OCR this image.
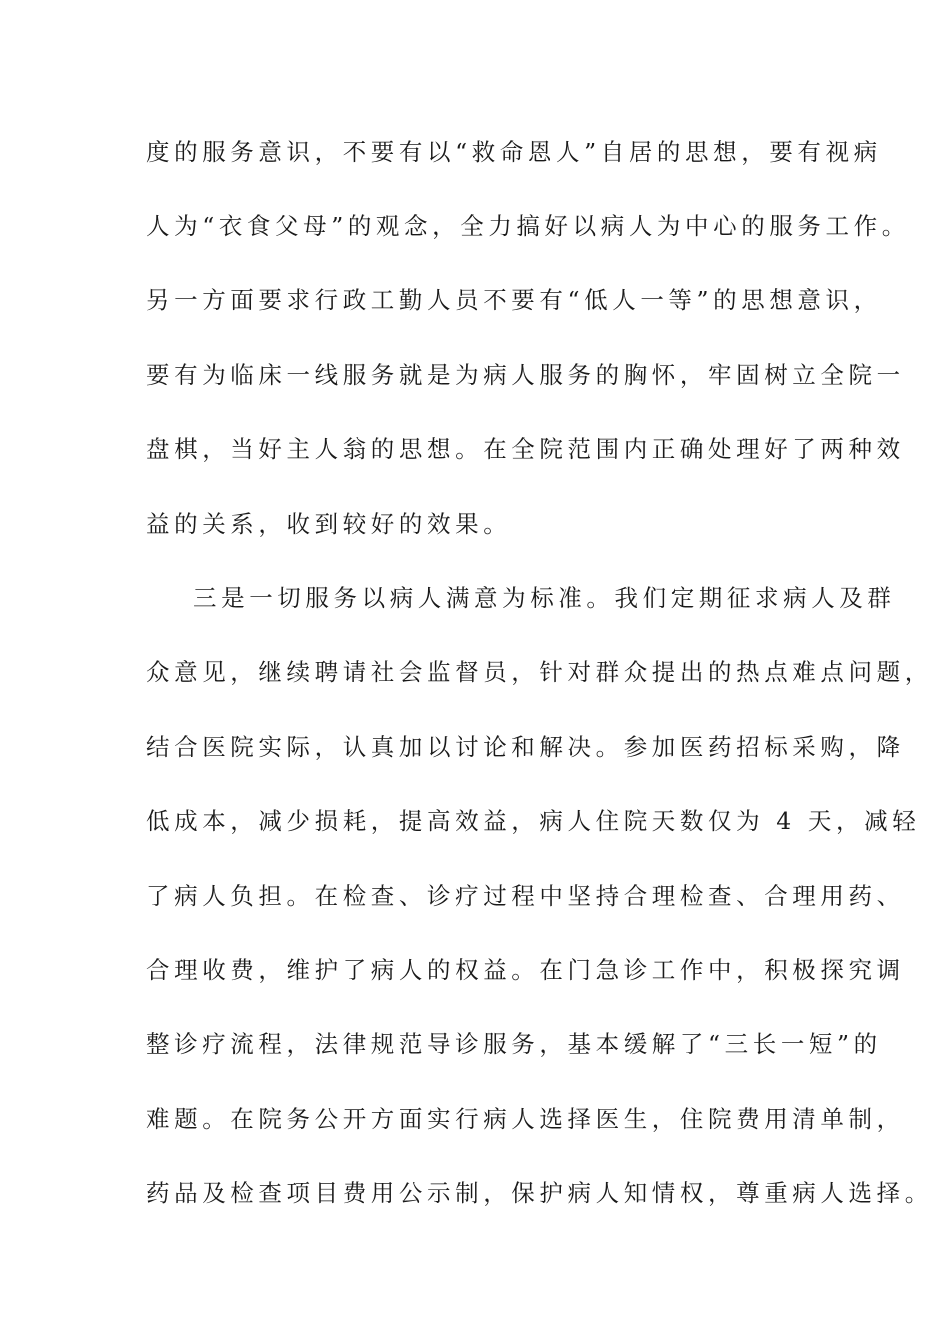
度的服务意识，不要有以“救命恩人”自居的思想，要有视病
人为“衣食父母”的观念，全力搞好以病人为中心的服务工作。
另一方面要求行政工勤人员不要有“低人一等”的思想意识，
要有为临床一线服务就是为病人服务的胸怀，牢固树立全院一
盘棋，当好主人翁的思想。在全院范围内正确处理好了两种效
益的关系，收到较好的效果。
三是一切服务以病人满意为标准。我们定期征求病人及群
众意见，继续聘请社会监督员，针对群众提出的热点难点问题，
结合医院实际，认真加以讨论和解决。参加医药招标采购，降
低成本，减少损耗，提高效益，病人住院天数仅为 4 天，减轻
了病人负担。在检查、诊疗过程中坚持合理检查、合理用药、
合理收费，维护了病人的权益。在门急诊工作中，积极探究调
整诊疗流程，法律规范导诊服务，基本缓解了“三长一短”的
难题。在院务公开方面实行病人选择医生，住院费用清单制，
药品及检查项目费用公示制，保护病人知情权，尊重病人选择。
